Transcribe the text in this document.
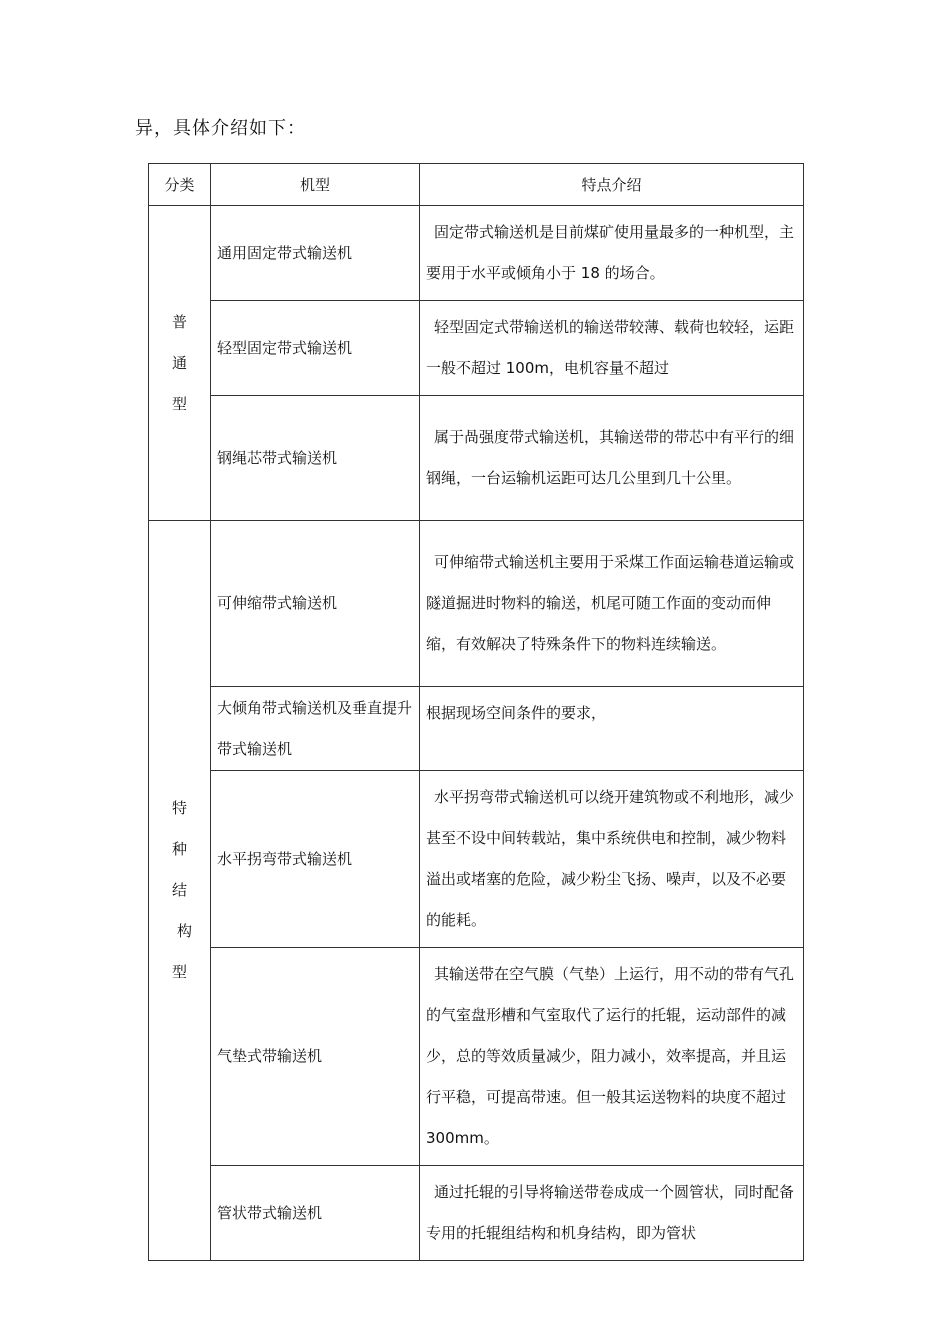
异，具体介绍如下：
分类	机型	特点介绍

普
通
型	通用固定带式输送机	固定带式输送机是目前煤矿使用量最多的一种机型，主要用于水平或倾角小于 18 的场合。

	轻型固定带式输送机	轻型固定式带输送机的输送带较薄、载荷也较轻，运距一般不超过 100m，电机容量不超过

	钢绳芯带式输送机	属于咼强度带式输送机，其输送带的带芯中有平行的细钢绳，一台运输机运距可达几公里到几十公里。

特
种
结
构
型	可伸缩带式输送机	可伸缩带式输送机主要用于采煤工作面运输巷道运输或隧道掘进时物料的输送，机尾可随工作面的变动而伸缩，有效解决了特殊条件下的物料连续输送。

	大倾角带式输送机及垂直提升带式输送机	根据现场空间条件的要求，

	水平拐弯带式输送机	水平拐弯带式输送机可以绕开建筑物或不利地形，减少甚至不设中间转载站，集中系统供电和控制，减少物料溢出或堵塞的危险，减少粉尘飞扬、噪声，以及不必要的能耗。

	气垫式带输送机	其输送带在空气膜（气垫）上运行，用不动的带有气孔的气室盘形槽和气室取代了运行的托辊，运动部件的减少，总的等效质量减少，阻力减小，效率提高，并且运行平稳，可提高带速。但一般其运送物料的块度不超过 300mm。

	管状带式输送机	通过托辊的引导将输送带卷成成一个圆管状，同时配备专用的托辊组结构和机身结构，即为管状
